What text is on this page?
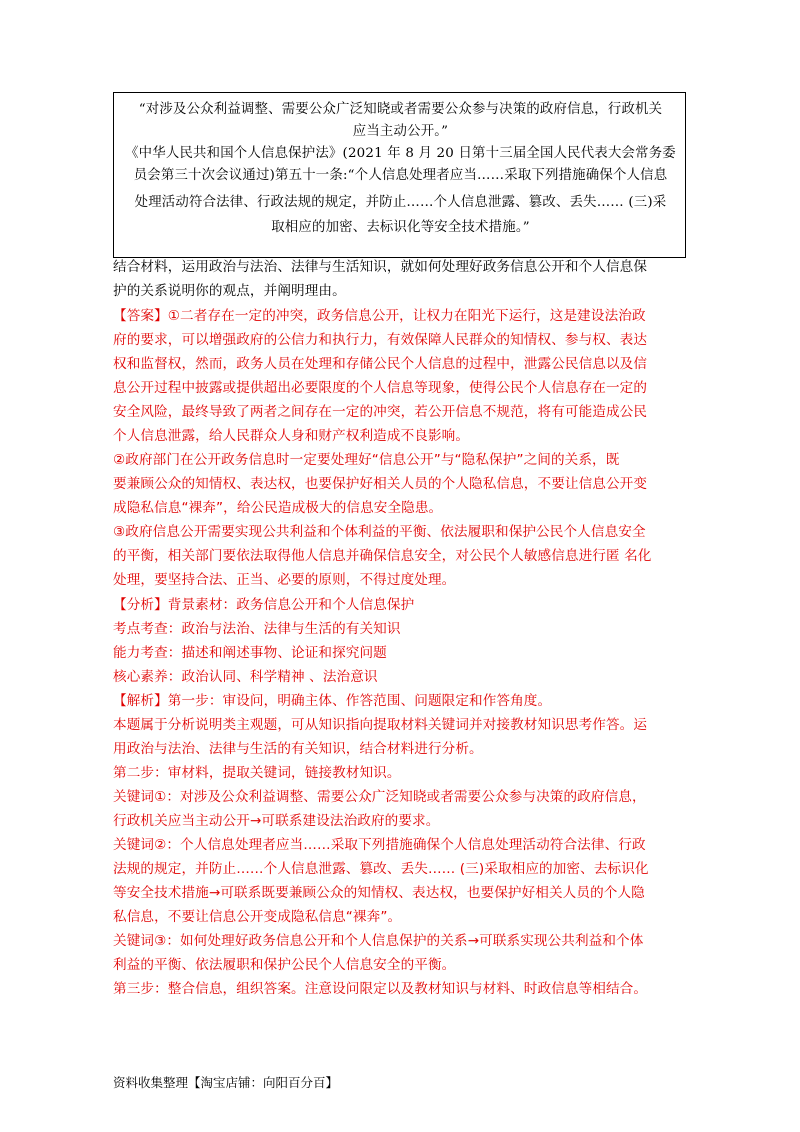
“对涉及公众利益调整、需要公众广泛知晓或者需要公众参与决策的政府信息，行政机关
应当主动公开。”
《中华人民共和国个人信息保护法》(2021 年 8 月 20 日第十三届全国人民代表大会常务委
员会第三十次会议通过)第五十一条:“个人信息处理者应当……采取下列措施确保个人信息
处理活动符合法律、行政法规的规定，并防止……个人信息泄露、篡改、丢失…… (三)采
取相应的加密、去标识化等安全技术措施。”
结合材料，运用政治与法治、法律与生活知识，就如何处理好政务信息公开和个人信息保
护的关系说明你的观点，并阐明理由。
【答案】①二者存在一定的冲突，政务信息公开，让权力在阳光下运行，这是建设法治政
府的要求，可以增强政府的公信力和执行力，有效保障人民群众的知情权、参与权、表达
权和监督权，然而，政务人员在处理和存储公民个人信息的过程中，泄露公民信息以及信
息公开过程中披露或提供超出必要限度的个人信息等现象，使得公民个人信息存在一定的
安全风险，最终导致了两者之间存在一定的冲突，若公开信息不规范，将有可能造成公民
个人信息泄露，给人民群众人身和财产权利造成不良影响。
②政府部门在公开政务信息时一定要处理好“信息公开”与“隐私保护”之间的关系，既
要兼顾公众的知情权、表达权，也要保护好相关人员的个人隐私信息，不要让信息公开变
成隐私信息“裸奔”，给公民造成极大的信息安全隐患。
③政府信息公开需要实现公共利益和个体利益的平衡、依法履职和保护公民个人信息安全
的平衡，相关部门要依法取得他人信息并确保信息安全，对公民个人敏感信息进行匿 名化
处理，要坚持合法、正当、必要的原则，不得过度处理。
【分析】背景素材：政务信息公开和个人信息保护
考点考查：政治与法治、法律与生活的有关知识
能力考查：描述和阐述事物、论证和探究问题
核心素养：政治认同、科学精神 、法治意识
【解析】第一步：审设问，明确主体、作答范围、问题限定和作答角度。
本题属于分析说明类主观题，可从知识指向提取材料关键词并对接教材知识思考作答。运
用政治与法治、法律与生活的有关知识，结合材料进行分析。
第二步：审材料，提取关键词，链接教材知识。
关键词①：对涉及公众利益调整、需要公众广泛知晓或者需要公众参与决策的政府信息，
行政机关应当主动公开→可联系建设法治政府的要求。
关键词②：个人信息处理者应当……采取下列措施确保个人信息处理活动符合法律、行政
法规的规定，并防止……个人信息泄露、篡改、丢失…… (三)采取相应的加密、去标识化
等安全技术措施→可联系既要兼顾公众的知情权、表达权，也要保护好相关人员的个人隐
私信息，不要让信息公开变成隐私信息“裸奔”。
关键词③：如何处理好政务信息公开和个人信息保护的关系→可联系实现公共利益和个体
利益的平衡、依法履职和保护公民个人信息安全的平衡。
第三步：整合信息，组织答案。注意设问限定以及教材知识与材料、时政信息等相结合。
资料收集整理【淘宝店铺：向阳百分百】
